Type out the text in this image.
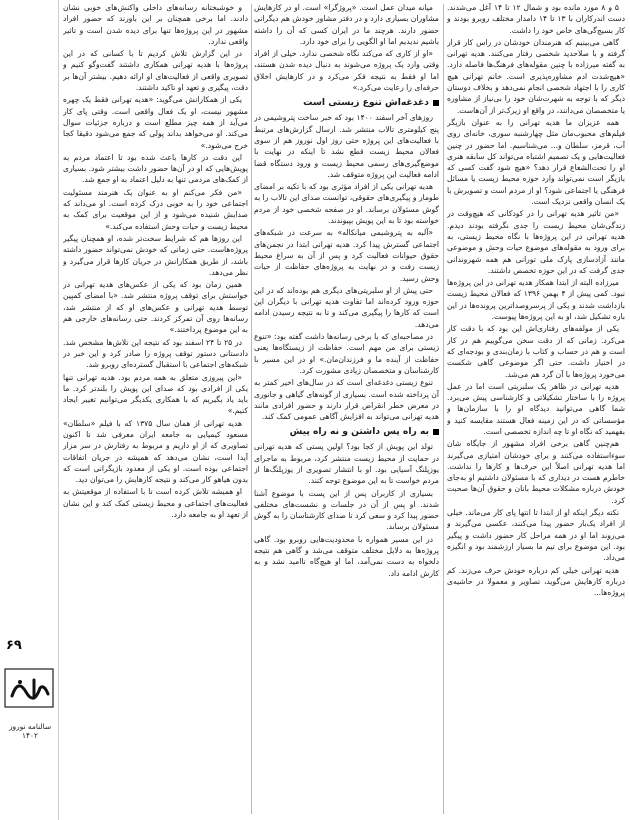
۵ و ۸ مورد مانده بود و شمال ۱۲ تا ۱۴ آغل می‌شدند. دست اندرکاران با ۱۳ تا ۱۴ دامدار مختلف روبرو بودند و کار بسیج‌گی‌های خاص خود را داشت.

گاهی می‌بینیم که هنرمندان خودشان در راس کار قرار گرفته و با صلاحدید شخصی رفتار می‌کنند. هدیه تهرانی به گفته میرزاده با چنین مقوله‌های فرهنگ‌ها فاصله دارد. «هیچ‌شدت ادم مشاوره‌پذیری است. خانم تهرانی هیچ کاری را با اجتهاد شخصی انجام نمی‌دهد و بخلاف دوستان دیگر که با توجه به شهرت‌شان خود را بی‌نیاز از مشاوره یا متخصصان می‌دانند، در واقع او زیرک‌تر از آن‌هاست.

همه عزیزان ما هدیه تهرانی را به عنوان بازیگر فیلم‌های محبوب‌مان مثل چهارشنبه سوری، خانه‌ای روی آب، قرمز، سلطان و... می‌شناسیم. اما حضور در چنین فعالیت‌هایی و یک تصمیم اشتباه می‌تواند کل سابقه هنری او را تحت‌الشعاع قرار دهد؟ «هیچ شود گفت کسی که بازیگر است نمی‌تواند وارد حوزه محیط زیست یا مسائل فرهنگی یا اجتماعی شود؟ او از مردم است و تصویرش با یک انسان واقعی نزدیک است.

«من تاثیر هدیه تهرانی را در کودکانی که هیچ‌وقت در زندگی‌شان محیط زیست را جدی نگرفته بودند دیدم. هدیه تهرانی در این پروژه‌ها با نگاه محیط زیستی، به برای ورود به مقوله‌های موضوع حیات وحش و موضوعی مانند آزادسازی پارک ملی تورانی هم همه شهروندانی جدی گرفت که در این حوزه تخصص داشتند.

میرزاده البته از ابتدا همکار هدیه تهرانی در این پروژه‌ها نبود. کمی پیش از ۴ بهمن ۱۳۹۶ که فعالان محیط زیست بازداشت شدند و یکی از پرسروصداترین پرونده‌ها در این باره تشکیل شد، او به این پروژه‌ها پیوست.

یکی از مولفه‌های رفتاری‌اش این بود که با دقت کار می‌کرد. زمانی که از دقت سخن می‌گوییم هم در کار است و هم در حساب و کتاب با زمان‌بندی و بودجه‌ای که در اختیار داشت. حتی اگر موضوعی گاهی شکست می‌خورد پروژه‌ها با آن گرد هم می‌شد.

هدیه تهرانی در ظاهر یک سلبریتی است اما در عمل پروژه را با ساختار تشکیلاتی و کارشناسی پیش می‌برد. شما گاهی می‌توانید دیدگاه او را با سازمان‌ها و مؤسساتی که در این زمینه فعال هستند مقایسه کنید و بفهمید که نگاه او تا چه اندازه تخصصی است.

هم‌چنین گاهی برخی افراد مشهور از جایگاه شان سوءاستفاده می‌کنند و برای خودشان امتیازی می‌گیرند اما هدیه تهرانی اصلاً این حرف‌ها و کارها را نداشت. خاطرم هست در دیداری که با مسئولان داشتیم او به‌جای خودش درباره مشکلات محیط بانان و حقوق آن‌ها صحبت کرد.

نکته دیگر اینکه او از ابتدا تا انتها پای کار می‌ماند. خیلی از افراد یک‌بار حضور پیدا می‌کنند، عکسی می‌گیرند و می‌روند اما او در همه مراحل کار حضور داشت و پیگیر بود. این موضوع برای تیم ما بسیار ارزشمند بود و انگیزه می‌داد.

هدیه تهرانی خیلی کم درباره خودش حرف می‌زند. کم درباره کارهایش می‌گوید، تصاویر و معمولا در حاشیه‌ی پروژه‌ها...

میانه میدان عمل است. «پروژگرا» است. او در کارهایش مشاوران بسیاری دارد و در دفتر مشاور خودش هم دیگرانی حضور دارند. هرچند ما در ایران کسی که آن را داشته باشیم ندیدیم اما او الگویی را برای خود دارد.

«او از کاری که می‌کند نگاه شخصی ندارد. خیلی از افراد وقتی وارد یک پروژه می‌شوند به دنبال دیده شدن هستند، اما او فقط به نتیجه فکر می‌کرد و در کارهایش اخلاق حرفه‌ای را رعایت می‌کرد.»

دغدغه‌اش تنوع زیستی است

روزهای آخر اسفند ۱۴۰۰ بود که خبر ساخت پتروشیمی در پنج کیلومتری تالاب منتشر شد. ارسال گزارش‌های مرتبط با فعالیت‌های این پروژه حتی روز اول نوروز هم از سوی فعالان محیط زیست قطع نشد تا اینکه در نهایت با موضع‌گیری‌های رسمی محیط زیست و ورود دستگاه قضا ادامه فعالیت این پروژه متوقف شد.

هدیه تهرانی یکی از افراد مؤثری بود که با تکیه بر امضای طومار و پیگیری‌های حقوقی، توانست صدای این تالاب را به گوش مسئولان برساند. او در صفحه شخصی خود از مردم خواسته بود تا به این پویش بپیوندند.

«آلبه به پتروشیمی میانکاله» به سرعت در شبکه‌های اجتماعی گسترش پیدا کرد. هدیه تهرانی ابتدا در نجمن‌های حقوق حیوانات فعالیت کرد و پس از آن به سراغ محیط زیست رفت و در نهایت به پروژه‌های حفاظت از حیات وحش رسید.

حتی پیش از او سلبریتی‌های دیگری هم بوده‌اند که در این حوزه ورود کرده‌اند اما تفاوت هدیه تهرانی با دیگران این است که کارها را پیگیری می‌کند و تا به نتیجه رسیدن ادامه می‌دهد.

در مصاحبه‌ای که با برخی رسانه‌ها داشت گفته بود: «تنوع زیستی برای من مهم است. حفاظت از زیستگاه‌ها یعنی حفاظت از آینده ما و فرزندان‌مان.» او در این مسیر با کارشناسان و متخصصان زیادی مشورت کرد.

تنوع زیستی دغدغه‌ای است که در سال‌های اخیر کمتر به آن پرداخته شده است. بسیاری از گونه‌های گیاهی و جانوری در معرض خطر انقراض قرار دارند و حضور افرادی مانند هدیه تهرانی می‌تواند به افزایش آگاهی عمومی کمک کند.

به راه پس داشتن و نه راه پیش

تولد این پویش از کجا بود؟ اولین پستی که هدیه تهرانی در حمایت از محیط زیست منتشر کرد، مربوط به ماجرای یوزپلنگ آسیایی بود. او با انتشار تصویری از یوزپلنگ‌ها از مردم خواست تا به این موضوع توجه کنند.

بسیاری از کاربران پس از این پست با موضوع آشنا شدند. او پس از آن در جلسات و نشست‌های مختلفی حضور پیدا کرد و سعی کرد تا صدای کارشناسان را به گوش مسئولان برساند.

در این مسیر همواره با محدودیت‌هایی روبرو بود. گاهی پروژه‌ها به دلایل مختلف متوقف می‌شد و گاهی هم نتیجه دلخواه به دست نمی‌آمد، اما او هیچ‌گاه ناامید نشد و به کارش ادامه داد.

و خوشبختانه رسانه‌های داخلی واکنش‌های خوبی نشان دادند. اما برخی همچنان بر این باورند که حضور افراد مشهور در این پروژه‌ها تنها برای دیده شدن است و تاثیر واقعی ندارد.

در این گزارش تلاش کردیم تا با کسانی که در این پروژه‌ها با هدیه تهرانی همکاری داشتند گفت‌وگو کنیم و تصویری واقعی از فعالیت‌های او ارائه دهیم. بیشتر آن‌ها بر دقت، پیگیری و تعهد او تاکید داشتند.

یکی از همکارانش می‌گوید: «هدیه تهرانی فقط یک چهره مشهور نیست، او یک فعال واقعی است. وقتی پای کار می‌آید از همه چیز مطلع است و درباره جزئیات سوال می‌کند. او می‌خواهد بداند پولی که جمع می‌شود دقیقا کجا خرج می‌شود.»

این دقت در کارها باعث شده بود تا اعتماد مردم به پویش‌هایی که او در آن‌ها حضور داشت بیشتر شود. بسیاری از کمک‌های مردمی تنها به دلیل اعتماد به او جمع شد.

«من فکر می‌کنم او به عنوان یک هنرمند مسئولیت اجتماعی خود را به خوبی درک کرده است. او می‌داند که صدایش شنیده می‌شود و از این موقعیت برای کمک به محیط زیست و حیات وحش استفاده می‌کند.»

این روزها هم که شرایط سخت‌تر شده، او همچنان پیگیر پروژه‌هاست. حتی زمانی که خودش نمی‌تواند حضور داشته باشد، از طریق همکارانش در جریان کارها قرار می‌گیرد و نظر می‌دهد.

همین زمان بود که یکی از عکس‌های هدیه تهرانی در خواستش برای توقف پروژه منتشر شد. «با امضای کمپین توسط هدیه تهرانی و عکس‌های او که از منتشر شد، رسانه‌ها روی آن تمرکز کردند. حتی رسانه‌های خارجی هم به این موضوع پرداختند.»

در ۲۵ تا ۲۴ اسفند بود که نتیجه این تلاش‌ها مشخص شد. دادستانی دستور توقف پروژه را صادر کرد و این خبر در شبکه‌های اجتماعی با استقبال گسترده‌ای روبرو شد.

«این پیروزی متعلق به همه مردم بود. هدیه تهرانی تنها یکی از افرادی بود که صدای این پویش را بلندتر کرد. ما باید یاد بگیریم که با همکاری یکدیگر می‌توانیم تغییر ایجاد کنیم.»

هدیه تهرانی از همان سال ۱۳۷۵ که با فیلم «سلطان» مسعود کیمیایی به جامعه ایران معرفی شد تا اکنون تصاویری که از او داریم و مربوط به رفتارش در سر مزار آیدا است، نشان می‌دهد که همیشه در جریان اتفاقات اجتماعی بوده است. او یکی از معدود بازیگرانی است که بدون هیاهو کار می‌کند و نتیجه کارهایش را می‌توان دید.

او همیشه تلاش کرده است تا با استفاده از موقعیتش به فعالیت‌های اجتماعی و محیط زیستی کمک کند و این نشان از تعهد او به جامعه دارد.

۶۹
سالنامه نوروز ۱۴۰۲
